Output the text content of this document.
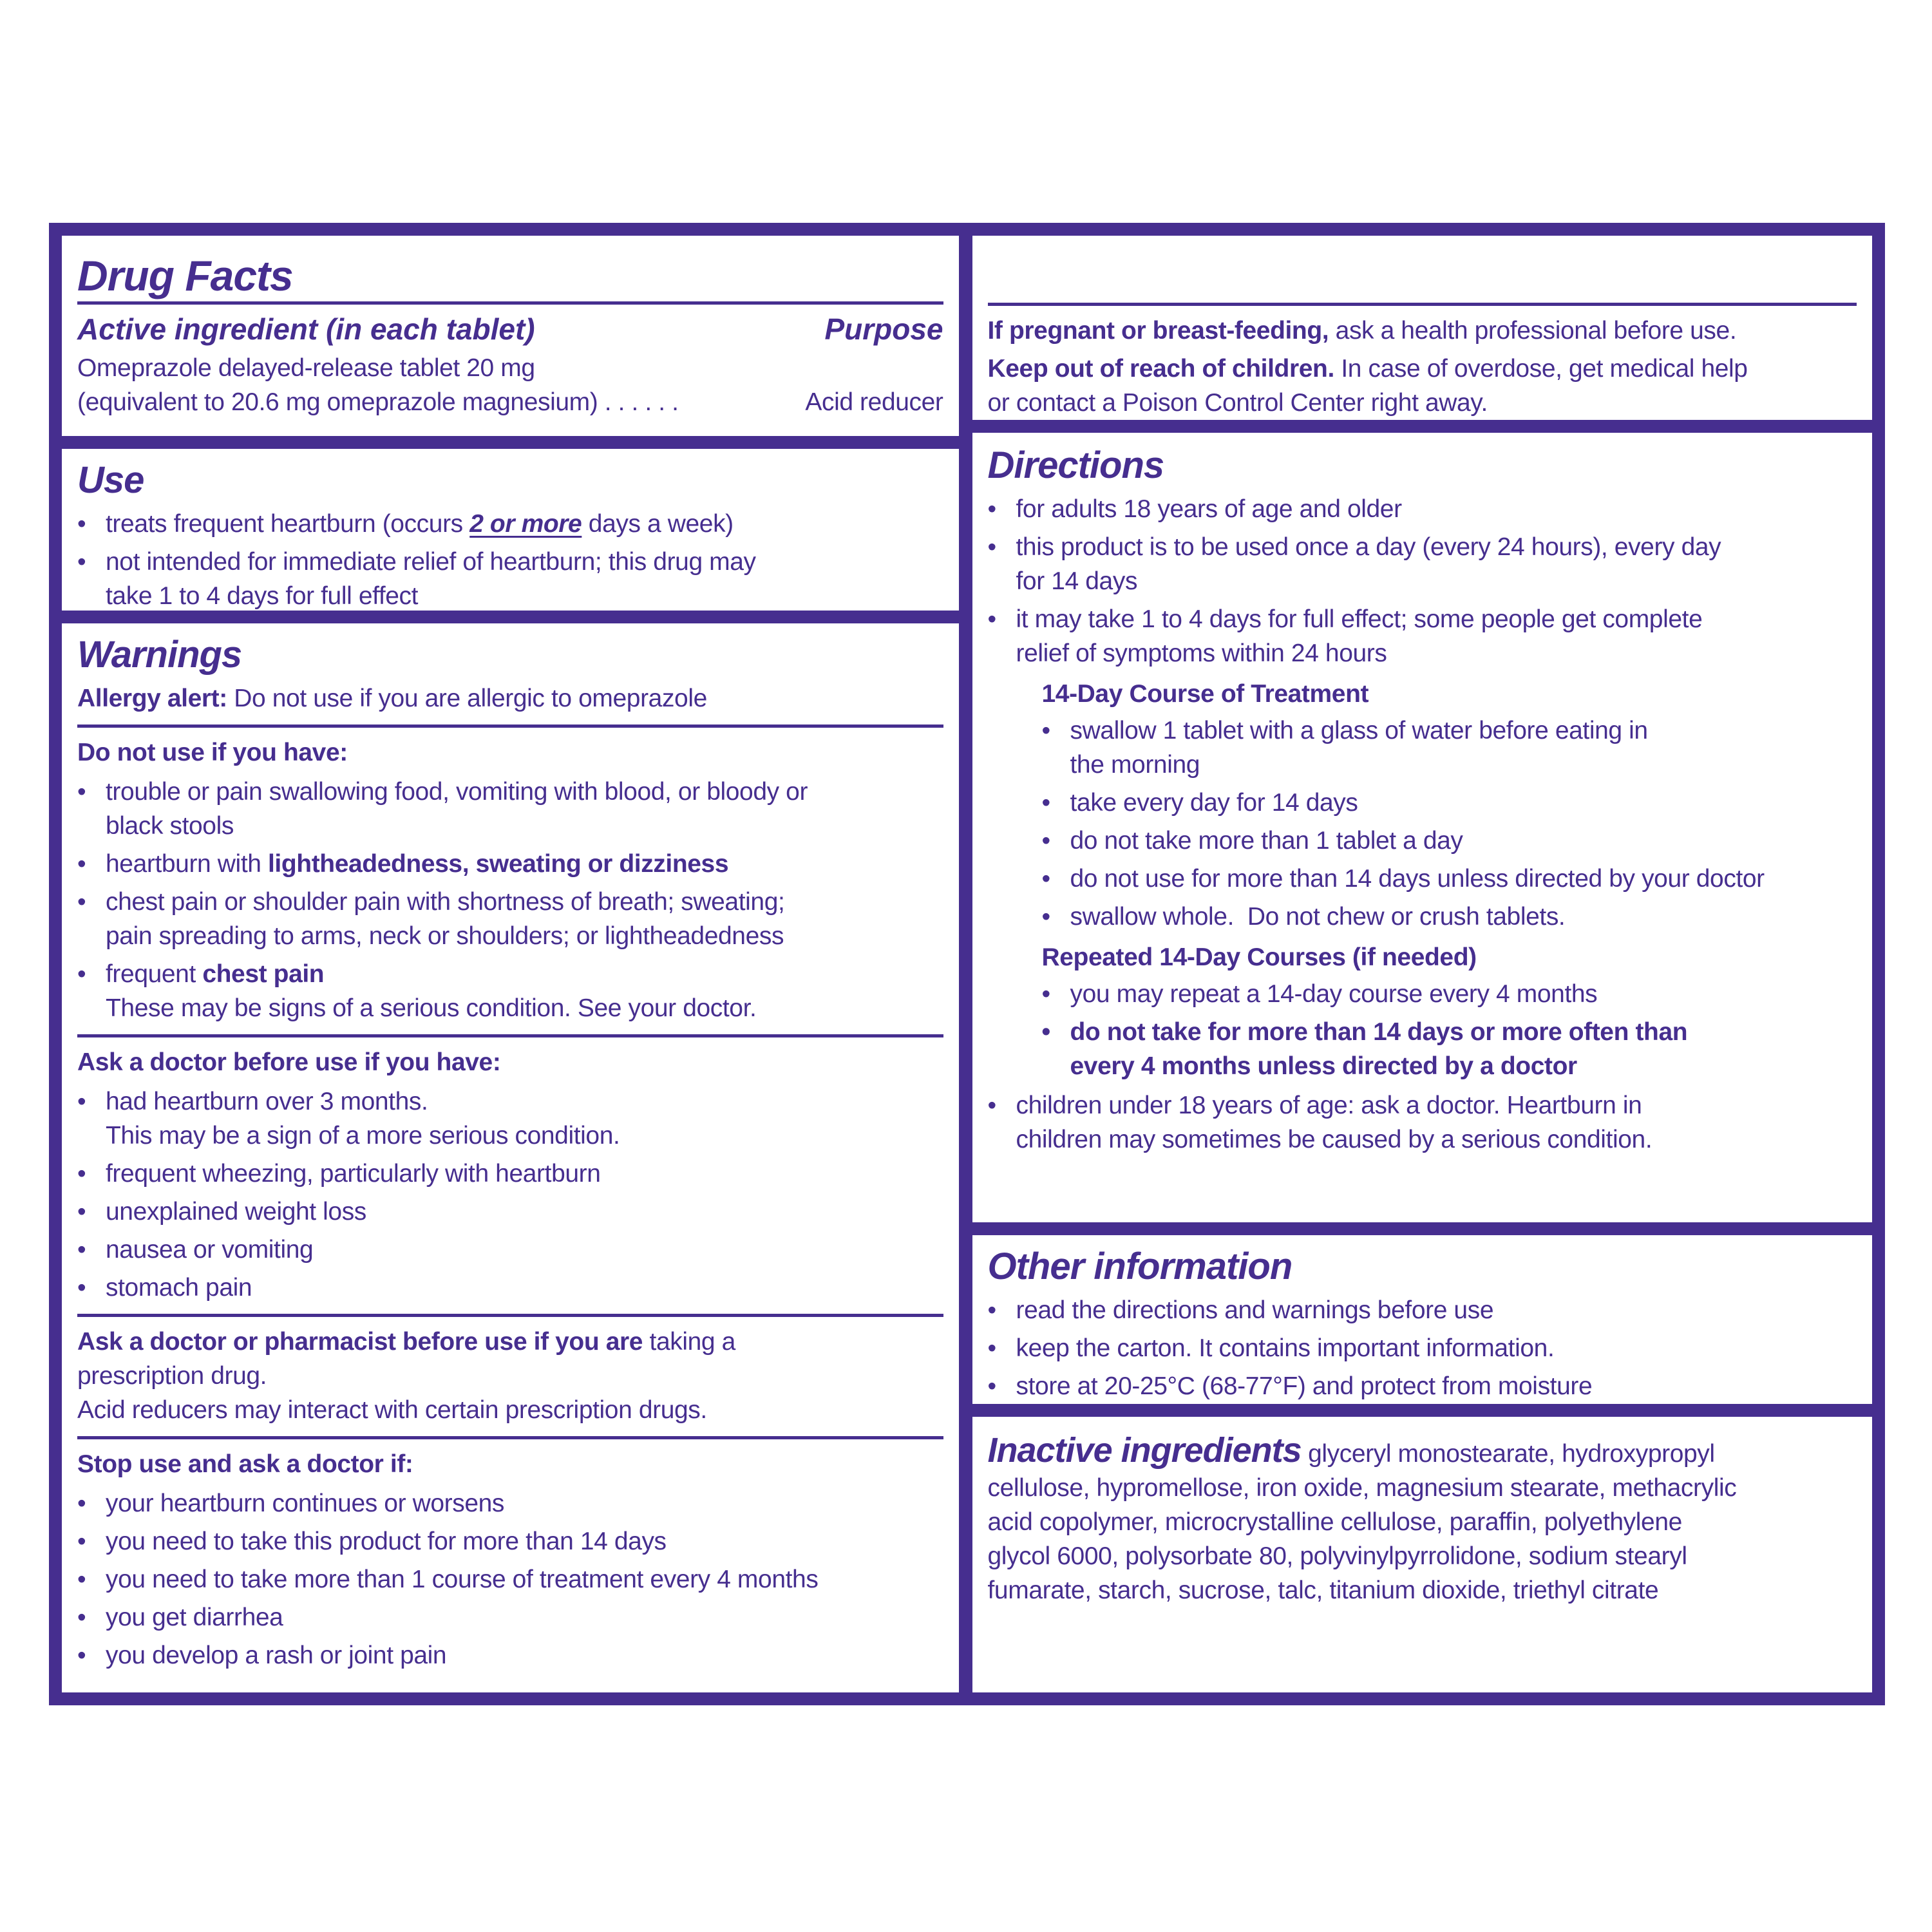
Drug Facts
Active ingredient (in each tablet)	Purpose
Omeprazole delayed-release tablet 20 mg
(equivalent to 20.6 mg omeprazole magnesium) . . . . . .	Acid reducer
Use
• treats frequent heartburn (occurs 2 or more days a week)
• not intended for immediate relief of heartburn; this drug may
take 1 to 4 days for full effect
Warnings
Allergy alert: Do not use if you are allergic to omeprazole
Do not use if you have:
• trouble or pain swallowing food, vomiting with blood, or bloody or
black stools
• heartburn with lightheadedness, sweating or dizziness
• chest pain or shoulder pain with shortness of breath; sweating;
pain spreading to arms, neck or shoulders; or lightheadedness
• frequent chest pain
These may be signs of a serious condition. See your doctor.
Ask a doctor before use if you have:
• had heartburn over 3 months.
This may be a sign of a more serious condition.
• frequent wheezing, particularly with heartburn
• unexplained weight loss
• nausea or vomiting
• stomach pain
Ask a doctor or pharmacist before use if you are taking a
prescription drug.
Acid reducers may interact with certain prescription drugs.
Stop use and ask a doctor if:
• your heartburn continues or worsens
• you need to take this product for more than 14 days
• you need to take more than 1 course of treatment every 4 months
• you get diarrhea
• you develop a rash or joint pain
If pregnant or breast-feeding, ask a health professional before use.
Keep out of reach of children. In case of overdose, get medical help
or contact a Poison Control Center right away.
Directions
• for adults 18 years of age and older
• this product is to be used once a day (every 24 hours), every day
for 14 days
• it may take 1 to 4 days for full effect; some people get complete
relief of symptoms within 24 hours
14-Day Course of Treatment
• swallow 1 tablet with a glass of water before eating in
the morning
• take every day for 14 days
• do not take more than 1 tablet a day
• do not use for more than 14 days unless directed by your doctor
• swallow whole.  Do not chew or crush tablets.
Repeated 14-Day Courses (if needed)
• you may repeat a 14-day course every 4 months
• do not take for more than 14 days or more often than
every 4 months unless directed by a doctor
• children under 18 years of age: ask a doctor. Heartburn in
children may sometimes be caused by a serious condition.
Other information
• read the directions and warnings before use
• keep the carton. It contains important information.
• store at 20-25°C (68-77°F) and protect from moisture
Inactive ingredients glyceryl monostearate, hydroxypropyl
cellulose, hypromellose, iron oxide, magnesium stearate, methacrylic
acid copolymer, microcrystalline cellulose, paraffin, polyethylene
glycol 6000, polysorbate 80, polyvinylpyrrolidone, sodium stearyl
fumarate, starch, sucrose, talc, titanium dioxide, triethyl citrate
